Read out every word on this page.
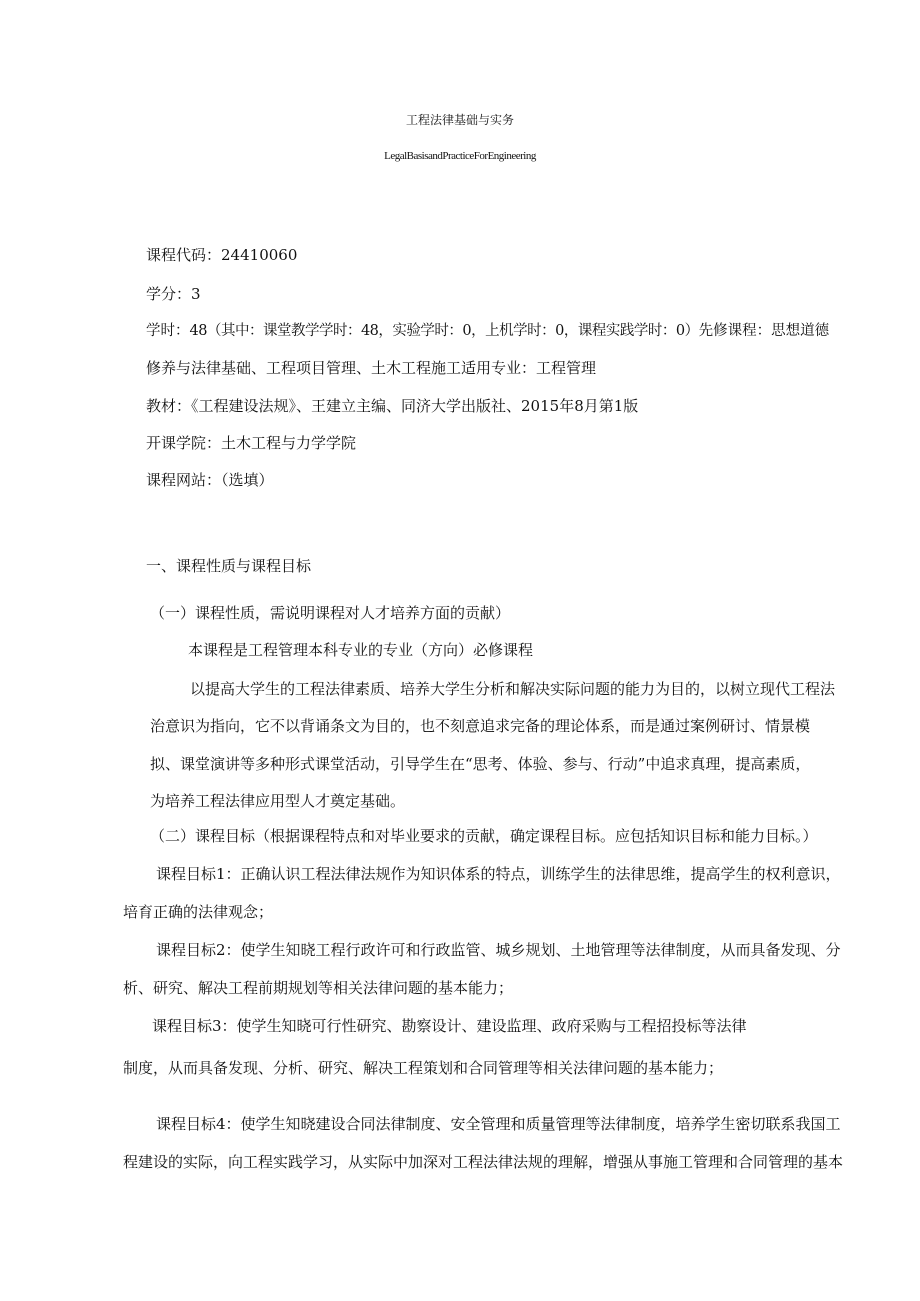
工程法律基础与实务
LegalBasisandPracticeForEngineering
课程代码：24410060
学分：3
学时：48（其中：课堂教学学时：48，实验学时：0，上机学时：0，课程实践学时：0）先修课程：思想道德
修养与法律基础、工程项目管理、土木工程施工适用专业：工程管理
教材：《工程建设法规》、王建立主编、同济大学出版社、2015年8月第1版
开课学院：土木工程与力学学院
课程网站：（选填）
一、课程性质与课程目标
（一）课程性质，需说明课程对人才培养方面的贡献）
本课程是工程管理本科专业的专业（方向）必修课程
以提高大学生的工程法律素质、培养大学生分析和解决实际问题的能力为目的，以树立现代工程法
治意识为指向，它不以背诵条文为目的，也不刻意追求完备的理论体系，而是通过案例研讨、情景模
拟、课堂演讲等多种形式课堂活动，引导学生在“思考、体验、参与、行动”中追求真理，提高素质，
为培养工程法律应用型人才奠定基础。
（二）课程目标（根据课程特点和对毕业要求的贡献，确定课程目标。应包括知识目标和能力目标。）
课程目标1：正确认识工程法律法规作为知识体系的特点，训练学生的法律思维，提高学生的权利意识，
培育正确的法律观念；
课程目标2：使学生知晓工程行政许可和行政监管、城乡规划、土地管理等法律制度，从而具备发现、分
析、研究、解决工程前期规划等相关法律问题的基本能力；
课程目标3：使学生知晓可行性研究、勘察设计、建设监理、政府采购与工程招投标等法律
制度，从而具备发现、分析、研究、解决工程策划和合同管理等相关法律问题的基本能力；
课程目标4：使学生知晓建设合同法律制度、安全管理和质量管理等法律制度，培养学生密切联系我国工
程建设的实际，向工程实践学习，从实际中加深对工程法律法规的理解，增强从事施工管理和合同管理的基本
